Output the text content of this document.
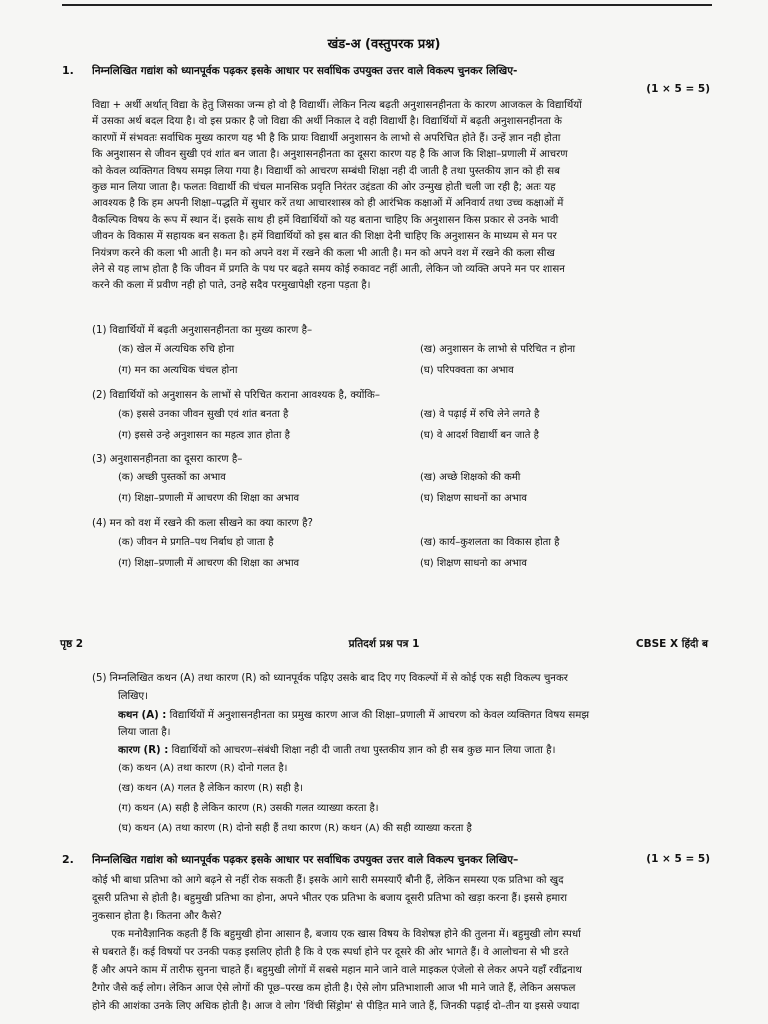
खंड-अ (वस्तुपरक प्रश्न)
1. निम्नलिखित गद्यांश को ध्यानपूर्वक पढ़कर इसके आधार पर सर्वाधिक उपयुक्त उत्तर वाले विकल्प चुनकर लिखिए-
(1 × 5 = 5)
विद्या + अर्थी अर्थात् विद्या के हेतु जिसका जन्म हो वो है विद्यार्थी। लेकिन नित्य बढ़ती अनुशासनहीनता के कारण आजकल के विद्यार्थियों
में उसका अर्थ बदल दिया है। वो इस प्रकार है जो विद्या की अर्थी निकाल दे वही विद्यार्थी है। विद्यार्थियों में बढ़ती अनुशासनहीनता के
कारणों में संभवतः सर्वाधिक मुख्य कारण यह भी है कि प्रायः विद्यार्थी अनुशासन के लाभो से अपरिचित होते हैं। उन्हें ज्ञान नही होता
कि अनुशासन से जीवन सुखी एवं शांत बन जाता है। अनुशासनहीनता का दूसरा कारण यह है कि आज कि शिक्षा–प्रणाली में आचरण
को केवल व्यक्तिगत विषय समझ लिया गया है। विद्यार्थी को आचरण सम्बंधी शिक्षा नही दी जाती है तथा पुस्तकीय ज्ञान को ही सब
कुछ मान लिया जाता है। फलतः विद्यार्थी की चंचल मानसिक प्रवृति निरंतर उद्दंडता की ओर उन्मुख होती चली जा रही है; अतः यह
आवश्यक है कि हम अपनी शिक्षा–पद्धति में सुधार करें तथा आचारशास्त्र को ही आरंभिक कक्षाओं में अनिवार्य तथा उच्च कक्षाओं में
वैकल्पिक विषय के रूप में स्थान दें। इसके साथ ही हमें विद्यार्थियों को यह बताना चाहिए कि अनुशासन किस प्रकार से उनके भावी
जीवन के विकास में सहायक बन सकता है। हमें विद्यार्थियों को इस बात की शिक्षा देनी चाहिए कि अनुशासन के माध्यम से मन पर
नियंत्रण करने की कला भी आती है। मन को अपने वश में रखने की कला भी आती है। मन को अपने वश में रखने की कला सीख
लेने से यह लाभ होता है कि जीवन में प्रगति के पथ पर बढ़ते समय कोई रुकावट नहीं आती, लेकिन जो व्यक्ति अपने मन पर शासन
करने की कला में प्रवीण नही हो पाते, उनहे सदैव परमुखापेक्षी रहना पड़ता है।
(1) विद्यार्थियों में बढ़ती अनुशासनहीनता का मुख्य कारण है–
(क) खेल में अत्यधिक रुचि होना	(ख) अनुशासन के लाभो से परिचित न होना
(ग) मन का अत्यधिक चंचल होना	(घ) परिपक्वता का अभाव
(2) विद्यार्थियों को अनुशासन के लाभों से परिचित कराना आवश्यक है, क्योंकि–
(क) इससे उनका जीवन सुखी एवं शांत बनता है	(ख) वे पढ़ाई में रुचि लेने लगते है
(ग) इससे उन्हे अनुशासन का महत्व ज्ञात होता है	(घ) वे आदर्श विद्यार्थी बन जाते है
(3) अनुशासनहीनता का दूसरा कारण है–
(क) अच्छी पुस्तकों का अभाव	(ख) अच्छे शिक्षको की कमी
(ग) शिक्षा–प्रणाली में आचरण की शिक्षा का अभाव	(घ) शिक्षण साधनों का अभाव
(4) मन को वश में रखने की कला सीखने का क्या कारण है?
(क) जीवन मे प्रगति–पथ निर्बाध हो जाता है	(ख) कार्य–कुशलता का विकास होता है
(ग) शिक्षा–प्रणाली में आचरण की शिक्षा का अभाव	(घ) शिक्षण साधनो का अभाव
पृष्ठ 2	प्रतिदर्श प्रश्न पत्र 1	CBSE X हिंदी ब
(5) निम्नलिखित कथन (A) तथा कारण (R) को ध्यानपूर्वक पढ़िए उसके बाद दिए गए विकल्पों में से कोई एक सही विकल्प चुनकर
लिखिए।
कथन (A) : विद्यार्थियों में अनुशासनहीनता का प्रमुख कारण आज की शिक्षा–प्रणाली में आचरण को केवल व्यक्तिगत विषय समझ
लिया जाता है।
कारण (R) : विद्यार्थियों को आचरण–संबंधी शिक्षा नही दी जाती तथा पुस्तकीय ज्ञान को ही सब कुछ मान लिया जाता है।
(क) कथन (A) तथा कारण (R) दोनो गलत है।
(ख) कथन (A) गलत है लेकिन कारण (R) सही है।
(ग) कथन (A) सही है लेकिन कारण (R) उसकी गलत व्याख्या करता है।
(घ) कथन (A) तथा कारण (R) दोनो सही हैं तथा कारण (R) कथन (A) की सही व्याख्या करता है
2. निम्नलिखित गद्यांश को ध्यानपूर्वक पढ़कर इसके आधार पर सर्वाधिक उपयुक्त उत्तर वाले विकल्प चुनकर लिखिए–	(1 × 5 = 5)
कोई भी बाधा प्रतिभा को आगे बढ़ने से नहीं रोक सकती हैं। इसके आगे सारी समस्याएँ बौनी हैं, लेकिन समस्या एक प्रतिभा को खुद
दूसरी प्रतिभा से होती है। बहुमुखी प्रतिभा का होना, अपने भीतर एक प्रतिभा के बजाय दूसरी प्रतिभा को खड़ा करना हैं। इससे हमारा
नुकसान होता है। कितना और कैसे?
एक मनोवैज्ञानिक कहती हैं कि बहुमुखी होना आसान है, बजाय एक खास विषय के विशेषज्ञ होने की तुलना में। बहुमुखी लोग स्पर्धा
से घबराते हैं। कई विषयों पर उनकी पकड़ इसलिए होती है कि वे एक स्पर्धा होने पर दूसरे की ओर भागते हैं। वे आलोचना से भी डरते
हैं और अपने काम में तारीफ सुनना चाहते हैं। बहुमुखी लोगों में सबसे महान माने जाने वाले माइकल एंजेलो से लेकर अपने यहाँ रवींद्रनाथ
टैगोर जैसे कई लोग। लेकिन आज ऐसे लोगों की पूछ–परख कम होती है। ऐसे लोग प्रतिभाशाली आज भी माने जाते हैं, लेकिन असफल
होने की आशंका उनके लिए अधिक होती है। आज वे लोग 'विंची सिंड्रोम' से पीड़ित माने जाते हैं, जिनकी पढ़ाई दो–तीन या इससे ज्यादा
